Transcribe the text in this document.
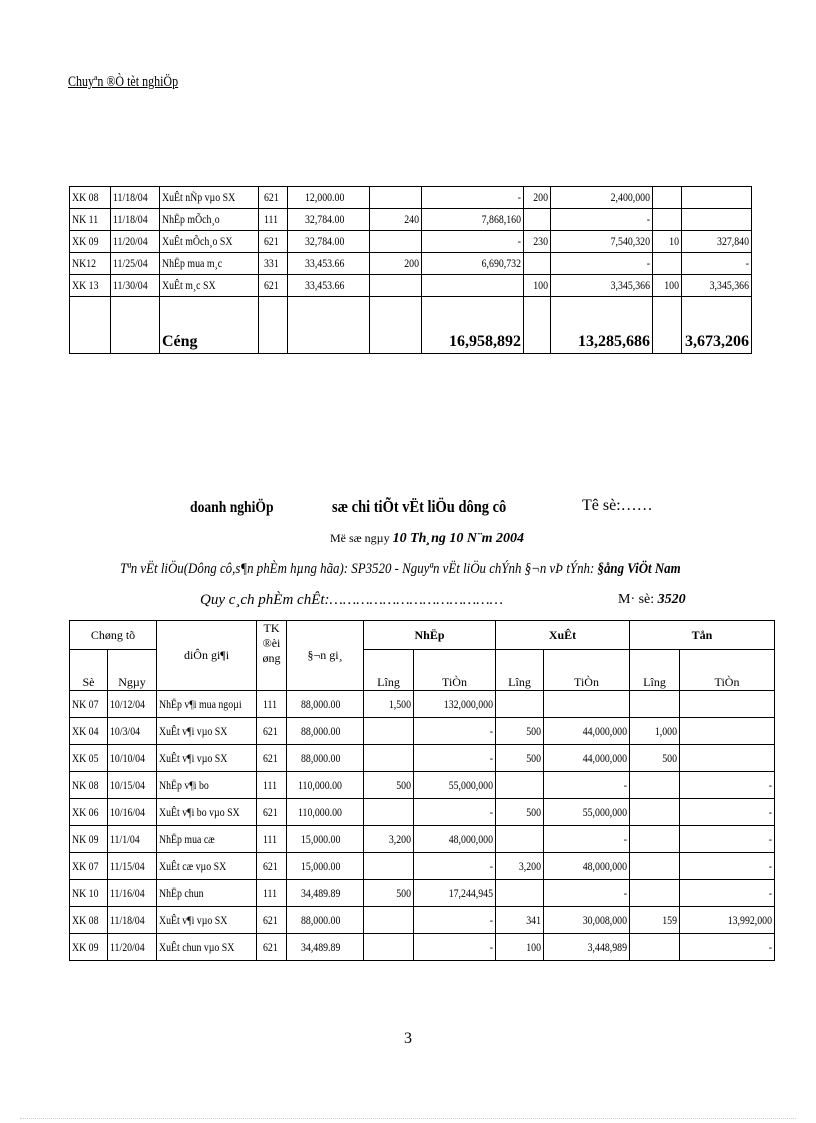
Chuyªn ®Ò tèt nghiÖp
XK 08	11/18/04	XuÊt nÑp vµo SX	621	12,000.00		-	200	2,400,000		
NK 11	11/18/04	NhËp mÕch¸o	111	32,784.00	240	7,868,160		-		
XK 09	11/20/04	XuÊt mÕch¸o SX	621	32,784.00		-	230	7,540,320	10	327,840
NK12	11/25/04	NhËp mua m¸c	331	33,453.66	200	6,690,732		-		-
XK 13	11/30/04	XuÊt m¸c SX	621	33,453.66			100	3,345,366	100	3,345,366
		Céng				16,958,892		13,285,686		3,673,206
doanh nghiÖp	sæ chi tiÕt vËt liÖu dông cô	Tê sè:……
Më sæ ngµy 10 Th¸ng 10 N¨m 2004
Tªn vËt liÖu(Dông cô,s¶n phÈm hµng hãa): SP3520 - Nguyªn vËt liÖu chÝnh §¬n vÞ tÝnh: §ång ViÖt Nam
Quy c¸ch phÈm chÊt:…………………………………	M· sè: 3520
Chøng tõ		diÔn gi¶i	TK ®èi øng	§¬n gi¸	NhËp		XuÊt		Tån	
Sè	Ngµy				Lîng	TiÒn	Lîng	TiÒn	Lîng	TiÒn
NK 07	10/12/04	NhËp v¶i mua ngoµi	111	88,000.00	1,500	132,000,000				
XK 04	10/3/04	XuÊt v¶i vµo SX	621	88,000.00		-	500	44,000,000	1,000	
XK 05	10/10/04	XuÊt v¶i vµo SX	621	88,000.00		-	500	44,000,000	500	
NK 08	10/15/04	NhËp v¶i bo	111	110,000.00	500	55,000,000		-		-
XK 06	10/16/04	XuÊt v¶i bo vµo SX	621	110,000.00		-	500	55,000,000		-
NK 09	11/1/04	NhËp mua cæ	111	15,000.00	3,200	48,000,000		-		-
XK 07	11/15/04	XuÊt cæ vµo SX	621	15,000.00		-	3,200	48,000,000		-
NK 10	11/16/04	NhËp chun	111	34,489.89	500	17,244,945		-		-
XK 08	11/18/04	XuÊt v¶i vµo SX	621	88,000.00		-	341	30,008,000	159	13,992,000
XK 09	11/20/04	XuÊt chun vµo SX	621	34,489.89		-	100	3,448,989		-
3
